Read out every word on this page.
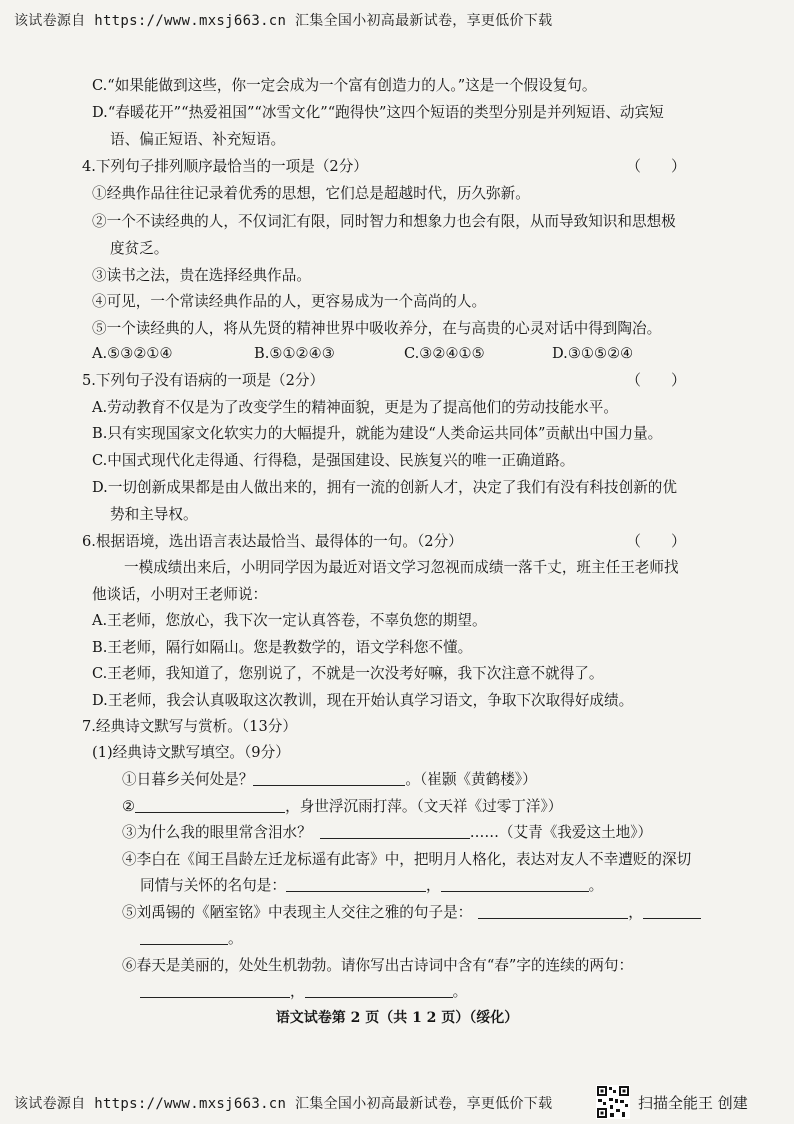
该试卷源自 https://www.mxsj663.cn 汇集全国小初高最新试卷，享更低价下载
C.“如果能做到这些，你一定会成为一个富有创造力的人。”这是一个假设复句。
D.“春暖花开”“热爱祖国”“冰雪文化”“跑得快”这四个短语的类型分别是并列短语、动宾短
语、偏正短语、补充短语。
4.下列句子排列顺序最恰当的一项是（2分）	（　　）
①经典作品往往记录着优秀的思想，它们总是超越时代，历久弥新。
②一个不读经典的人，不仅词汇有限，同时智力和想象力也会有限，从而导致知识和思想极
度贫乏。
③读书之法，贵在选择经典作品。
④可见，一个常读经典作品的人，更容易成为一个高尚的人。
⑤一个读经典的人，将从先贤的精神世界中吸收养分，在与高贵的心灵对话中得到陶冶。
A.⑤③②①④	B.⑤①②④③	C.③②④①⑤	D.③①⑤②④
5.下列句子没有语病的一项是（2分）	（　　）
A.劳动教育不仅是为了改变学生的精神面貌，更是为了提高他们的劳动技能水平。
B.只有实现国家文化软实力的大幅提升，就能为建设“人类命运共同体”贡献出中国力量。
C.中国式现代化走得通、行得稳，是强国建设、民族复兴的唯一正确道路。
D.一切创新成果都是由人做出来的，拥有一流的创新人才，决定了我们有没有科技创新的优
势和主导权。
6.根据语境，选出语言表达最恰当、最得体的一句。（2分）	（　　）
一模成绩出来后，小明同学因为最近对语文学习忽视而成绩一落千丈，班主任王老师找
他谈话，小明对王老师说：
A.王老师，您放心，我下次一定认真答卷，不辜负您的期望。
B.王老师，隔行如隔山。您是教数学的，语文学科您不懂。
C.王老师，我知道了，您别说了，不就是一次没考好嘛，我下次注意不就得了。
D.王老师，我会认真吸取这次教训，现在开始认真学习语文，争取下次取得好成绩。
7.经典诗文默写与赏析。（13分）
(1)经典诗文默写填空。（9分）
①日暮乡关何处是？	。（崔颢《黄鹤楼》）
②	，身世浮沉雨打萍。（文天祥《过零丁洋》）
③为什么我的眼里常含泪水？	……（艾青《我爱这土地》）
④李白在《闻王昌龄左迁龙标遥有此寄》中，把明月人格化，表达对友人不幸遭贬的深切
同情与关怀的名句是：	，	。
⑤刘禹锡的《陋室铭》中表现主人交往之雅的句子是：	，
。
⑥春天是美丽的，处处生机勃勃。请你写出古诗词中含有“春”字的连续的两句：
，	。
语文试卷第 2 页（共 1 2 页）（绥化）
该试卷源自 https://www.mxsj663.cn 汇集全国小初高最新试卷，享更低价下载	扫描全能王 创建
